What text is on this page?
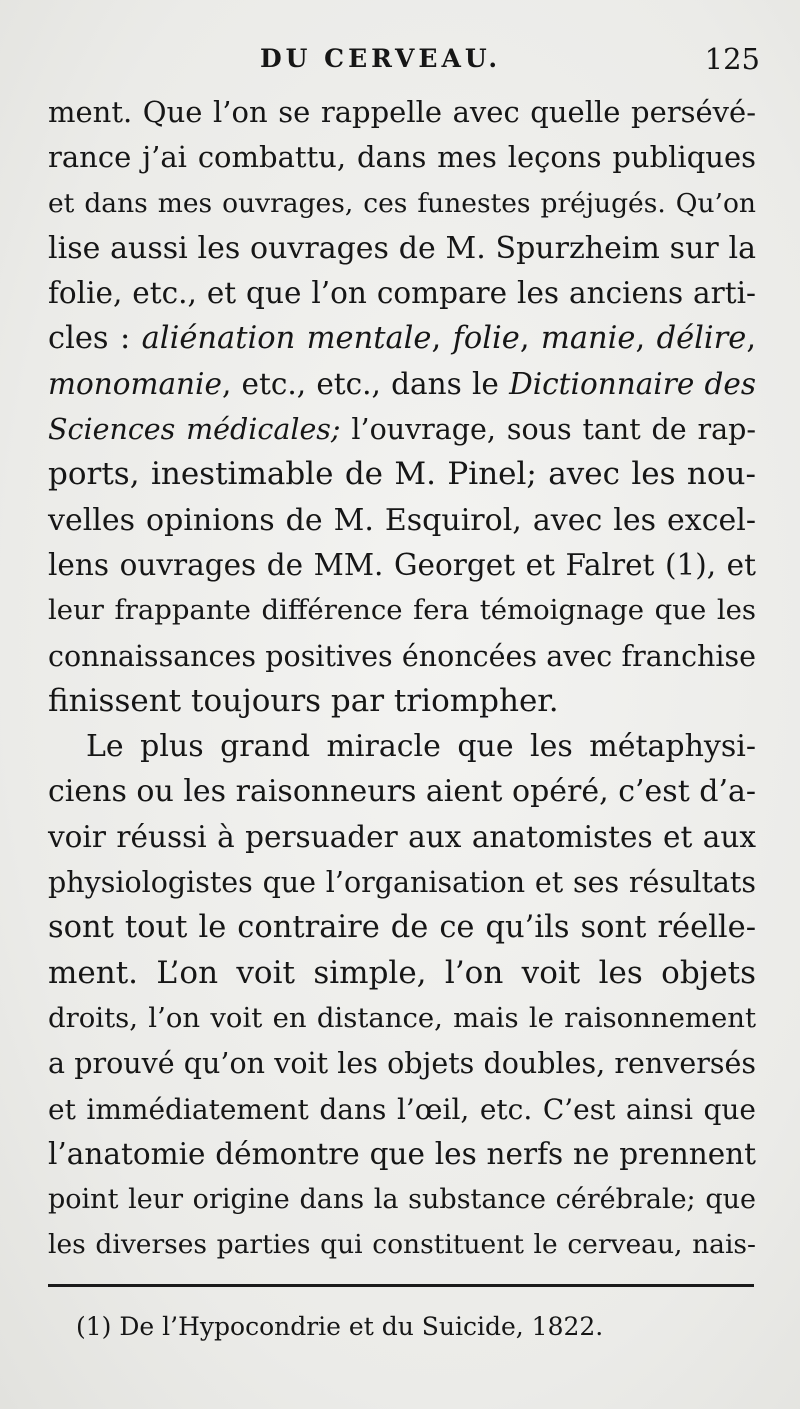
DU CERVEAU.	125
ment. Que l’on se rappelle avec quelle persévé-
rance j’ai combattu, dans mes leçons publiques
et dans mes ouvrages, ces funestes préjugés. Qu’on
lise aussi les ouvrages de M. Spurzheim sur la
folie, etc., et que l’on compare les anciens arti-
cles : aliénation mentale, folie, manie, délire,
monomanie, etc., etc., dans le Dictionnaire des
Sciences médicales; l’ouvrage, sous tant de rap-
ports, inestimable de M. Pinel; avec les nou-
velles opinions de M. Esquirol, avec les excel-
lens ouvrages de MM. Georget et Falret (1), et
leur frappante différence fera témoignage que les
connaissances positives énoncées avec franchise
finissent toujours par triompher.
Le plus grand miracle que les métaphysi-
ciens ou les raisonneurs aient opéré, c’est d’a-
voir réussi à persuader aux anatomistes et aux
physiologistes que l’organisation et ses résultats
sont tout le contraire de ce qu’ils sont réelle-
ment. L’on voit simple, l’on voit les objets
droits, l’on voit en distance, mais le raisonnement
a prouvé qu’on voit les objets doubles, renversés
et immédiatement dans l’œil, etc. C’est ainsi que
l’anatomie démontre que les nerfs ne prennent
point leur origine dans la substance cérébrale; que
les diverses parties qui constituent le cerveau, nais-
(1) De l’Hypocondrie et du Suicide, 1822.
